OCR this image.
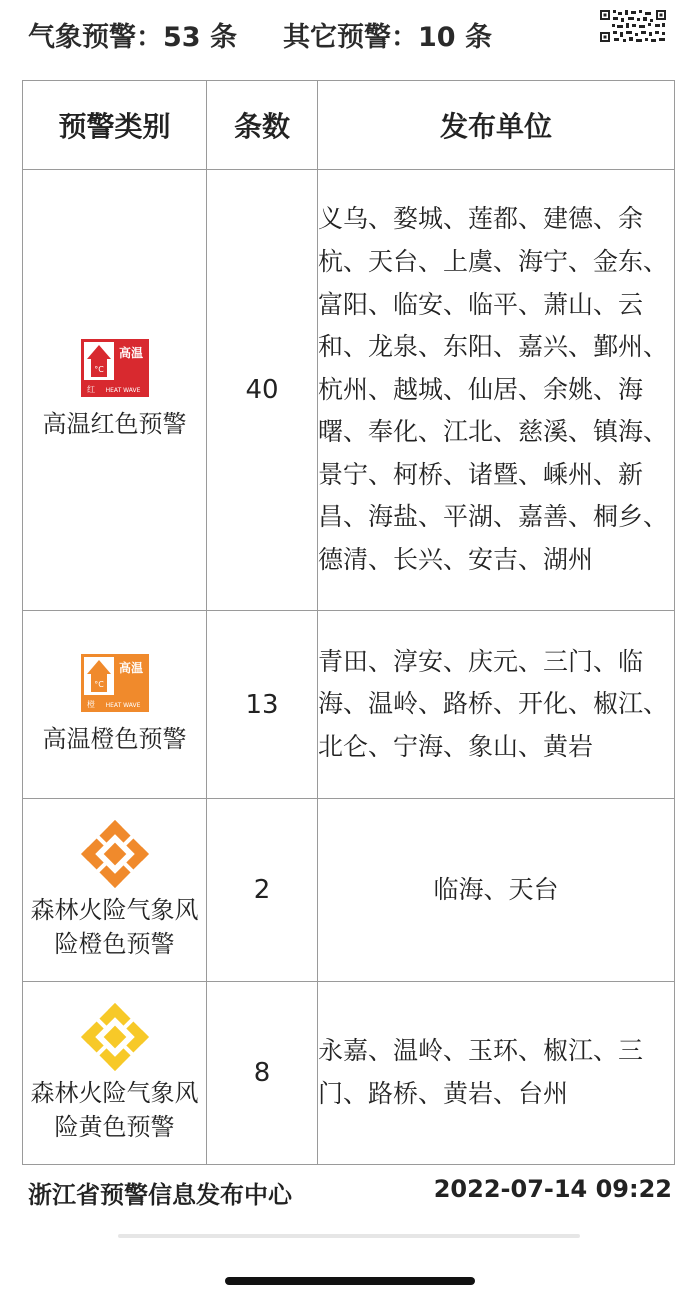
气象预警：53 条 其它预警：10 条
预警类别	条数	发布单位

°C
高温
红 HEAT WAVE
高温红色预警	40	义乌、婺城、莲都、建德、余杭、天台、上虞、海宁、金东、富阳、临安、临平、萧山、云和、龙泉、东阳、嘉兴、鄞州、杭州、越城、仙居、余姚、海曙、奉化、江北、慈溪、镇海、景宁、柯桥、诸暨、嵊州、新昌、海盐、平湖、嘉善、桐乡、德清、长兴、安吉、湖州

°C
高温
橙 HEAT WAVE
高温橙色预警	13	青田、淳安、庆元、三门、临海、温岭、路桥、开化、椒江、北仑、宁海、象山、黄岩

森林火险气象风险橙色预警	2	临海、天台

森林火险气象风险黄色预警	8	永嘉、温岭、玉环、椒江、三门、路桥、黄岩、台州
浙江省预警信息发布中心	2022-07-14 09:22
